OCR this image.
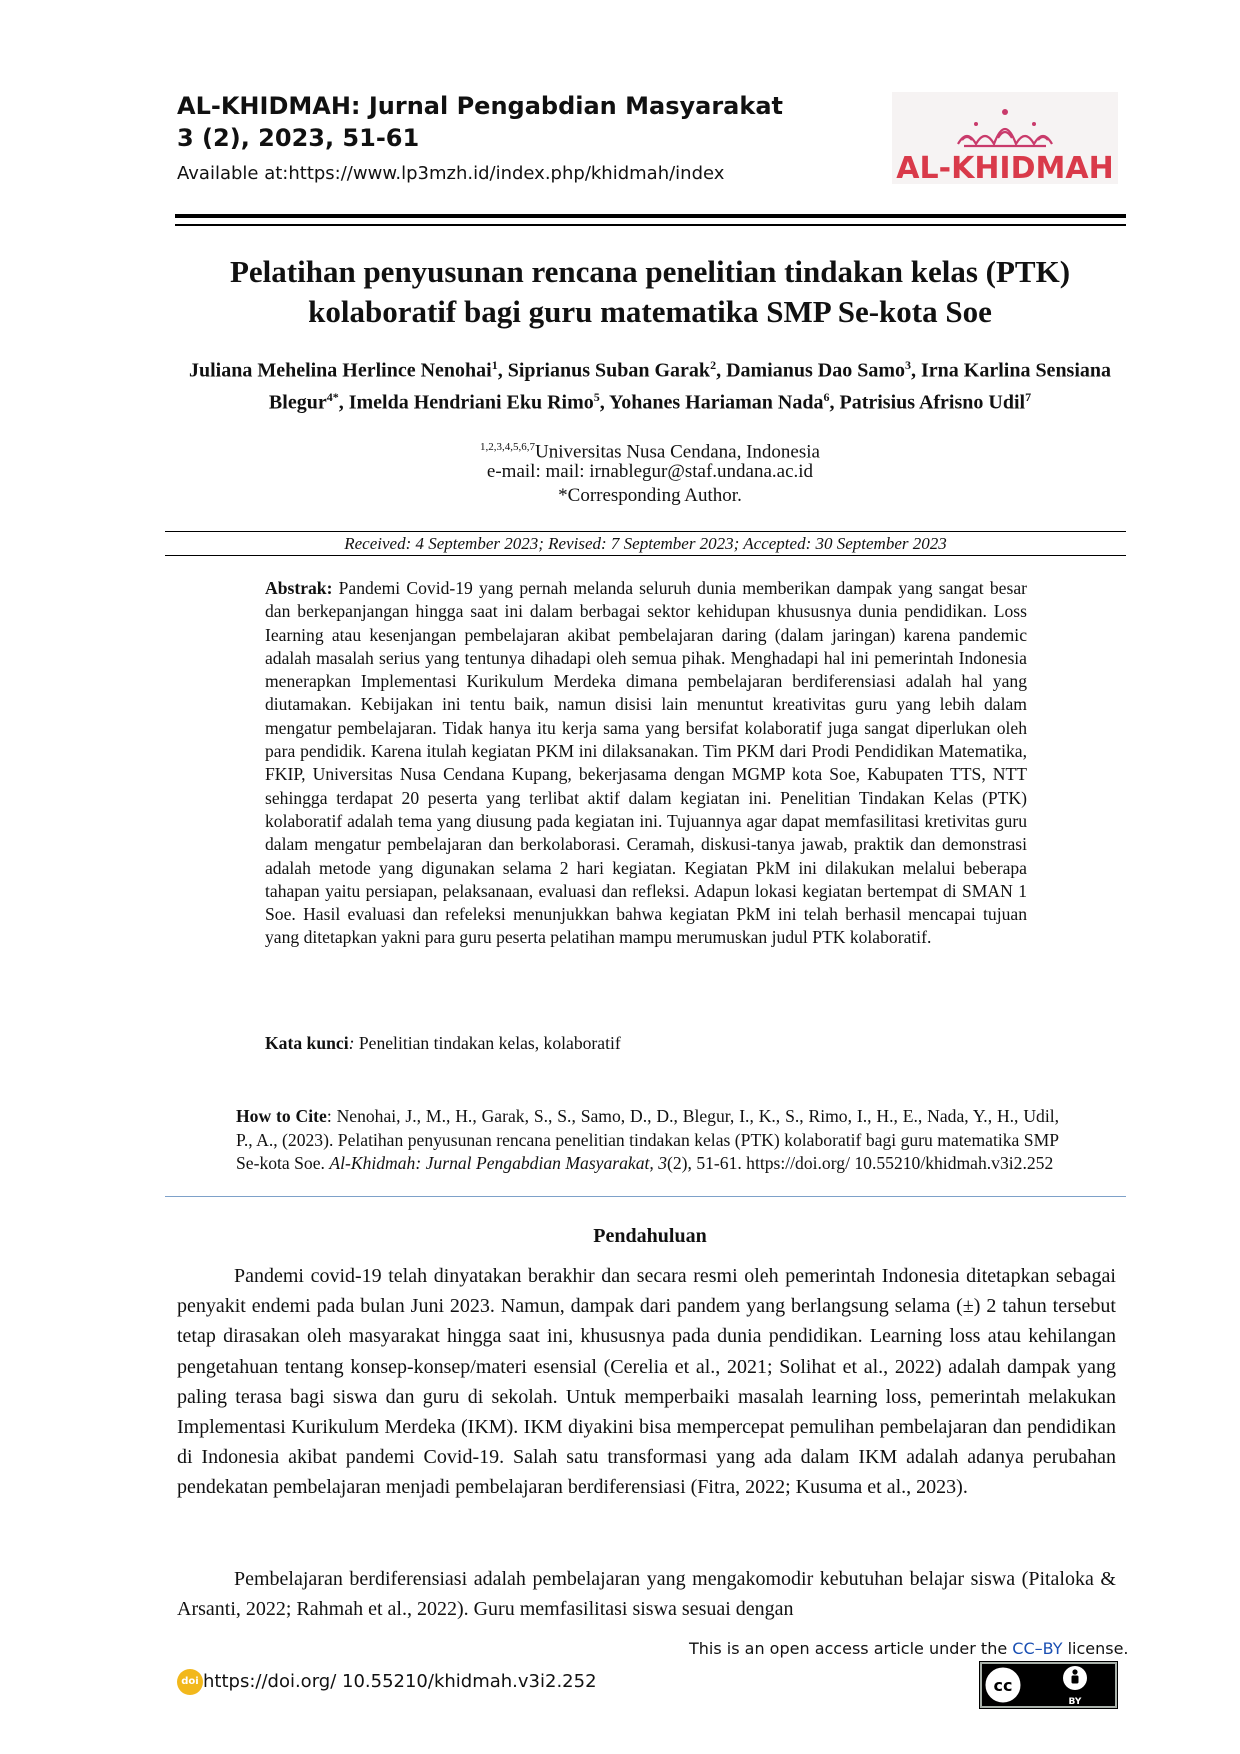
AL-KHIDMAH: Jurnal Pengabdian Masyarakat
3 (2), 2023, 51-61
Available at:https://www.lp3mzh.id/index.php/khidmah/index	AL-KHIDMAH
Pelatihan penyusunan rencana penelitian tindakan kelas (PTK)
kolaboratif bagi guru matematika SMP Se-kota Soe
Juliana Mehelina Herlince Nenohai$^1$, Siprianus Suban Garak$^2$, Damianus Dao Samo$^3$, Irna Karlina Sensiana Blegur$^{4*}$, Imelda Hendriani Eku Rimo$^5$, Yohanes Hariaman Nada$^6$, Patrisius Afrisno Udil$^7$
$^{1,2,3,4,5,6,7}$Universitas Nusa Cendana, Indonesia
e-mail: mail: irnablegur@staf.undana.ac.id
*Corresponding Author.
Received: 4 September 2023; Revised: 7 September 2023; Accepted: 30 September 2023
Abstrak: Pandemi Covid-19 yang pernah melanda seluruh dunia memberikan dampak yang sangat besar dan berkepanjangan hingga saat ini dalam berbagai sektor kehidupan khususnya dunia pendidikan. Loss Iearning atau kesenjangan pembelajaran akibat pembelajaran daring (dalam jaringan) karena pandemic adalah masalah serius yang tentunya dihadapi oleh semua pihak. Menghadapi hal ini pemerintah Indonesia menerapkan Implementasi Kurikulum Merdeka dimana pembelajaran berdiferensiasi adalah hal yang diutamakan. Kebijakan ini tentu baik, namun disisi lain menuntut kreativitas guru yang lebih dalam mengatur pembelajaran. Tidak hanya itu kerja sama yang bersifat kolaboratif juga sangat diperlukan oleh para pendidik. Karena itulah kegiatan PKM ini dilaksanakan. Tim PKM dari Prodi Pendidikan Matematika, FKIP, Universitas Nusa Cendana Kupang, bekerjasama dengan MGMP kota Soe, Kabupaten TTS, NTT sehingga terdapat 20 peserta yang terlibat aktif dalam kegiatan ini. Penelitian Tindakan Kelas (PTK) kolaboratif adalah tema yang diusung pada kegiatan ini. Tujuannya agar dapat memfasilitasi kretivitas guru dalam mengatur pembelajaran dan berkolaborasi. Ceramah, diskusi-tanya jawab, praktik dan demonstrasi adalah metode yang digunakan selama 2 hari kegiatan. Kegiatan PkM ini dilakukan melalui beberapa tahapan yaitu persiapan, pelaksanaan, evaluasi dan refleksi. Adapun lokasi kegiatan bertempat di SMAN 1 Soe. Hasil evaluasi dan refeleksi menunjukkan bahwa kegiatan PkM ini telah berhasil mencapai tujuan yang ditetapkan yakni para guru peserta pelatihan mampu merumuskan judul PTK kolaboratif.
Kata kunci: Penelitian tindakan kelas, kolaboratif
How to Cite: Nenohai, J., M., H., Garak, S., S., Samo, D., D., Blegur, I., K., S., Rimo, I., H., E., Nada, Y., H., Udil, P., A., (2023). Pelatihan penyusunan rencana penelitian tindakan kelas (PTK) kolaboratif bagi guru matematika SMP Se-kota Soe. Al-Khidmah: Jurnal Pengabdian Masyarakat, 3(2), 51-61. https://doi.org/ 10.55210/khidmah.v3i2.252
Pendahuluan

Pandemi covid-19 telah dinyatakan berakhir dan secara resmi oleh pemerintah Indonesia ditetapkan sebagai penyakit endemi pada bulan Juni 2023. Namun, dampak dari pandem yang berlangsung selama (±) 2 tahun tersebut tetap dirasakan oleh masyarakat hingga saat ini, khususnya pada dunia pendidikan. Learning loss atau kehilangan pengetahuan tentang konsep-konsep/materi esensial (Cerelia et al., 2021; Solihat et al., 2022) adalah dampak yang paling terasa bagi siswa dan guru di sekolah. Untuk memperbaiki masalah learning loss, pemerintah melakukan Implementasi Kurikulum Merdeka (IKM). IKM diyakini bisa mempercepat pemulihan pembelajaran dan pendidikan di Indonesia akibat pandemi Covid-19. Salah satu transformasi yang ada dalam IKM adalah adanya perubahan pendekatan pembelajaran menjadi pembelajaran berdiferensiasi (Fitra, 2022; Kusuma et al., 2023).

Pembelajaran berdiferensiasi adalah pembelajaran yang mengakomodir kebutuhan belajar siswa (Pitaloka & Arsanti, 2022; Rahmah et al., 2022). Guru memfasilitasi siswa sesuai dengan

This is an open access article under the CC–BY license.
doi https://doi.org/ 10.55210/khidmah.v3i2.252	cc
BY
